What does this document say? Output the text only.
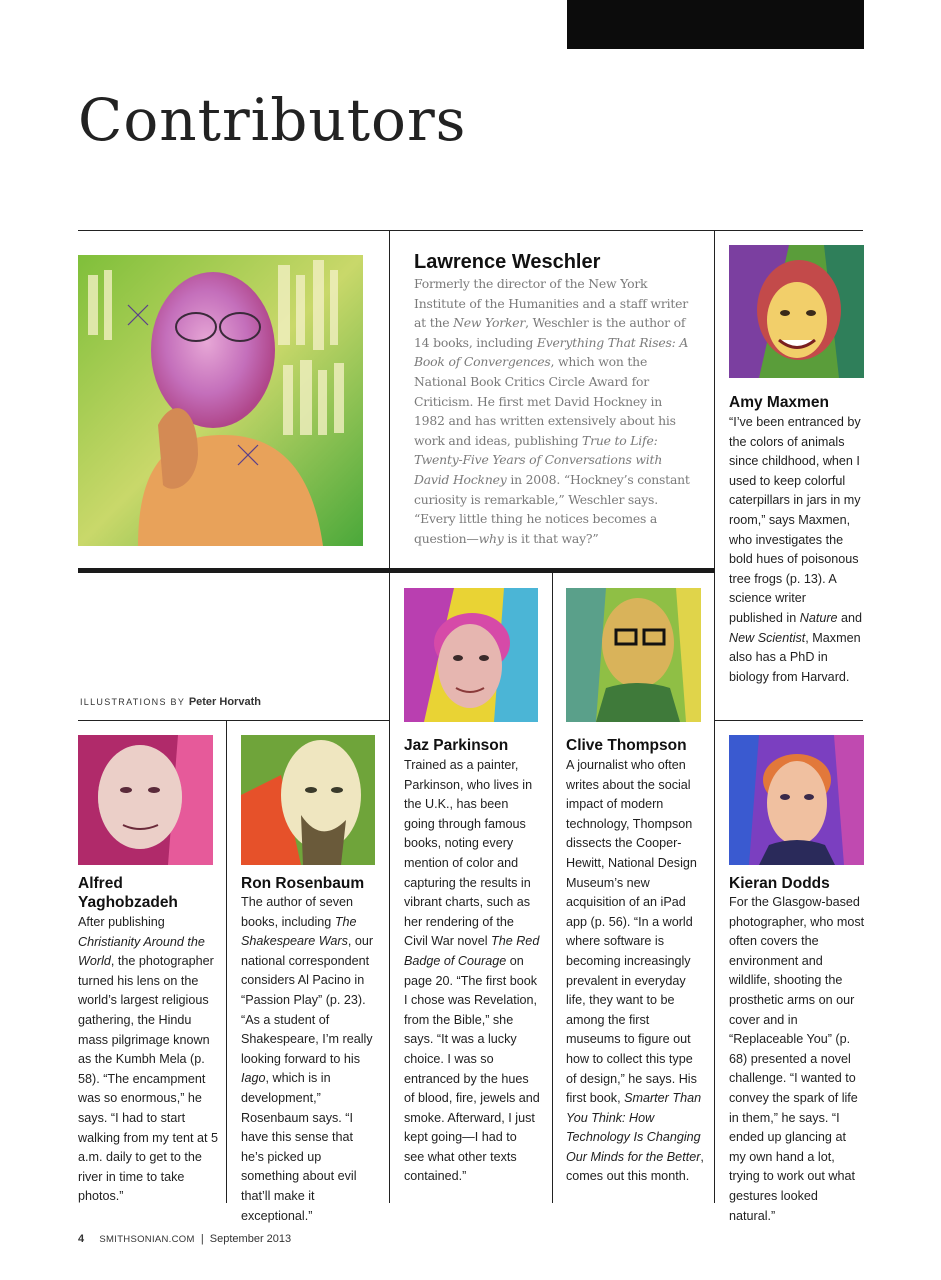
Contributors
Lawrence Weschler
Formerly the director of the New York Institute of the Humanities and a staff writer at the New Yorker, Weschler is the author of 14 books, including Everything That Rises: A Book of Convergences, which won the National Book Critics Circle Award for Criticism. He first met David Hockney in 1982 and has written extensively about his work and ideas, publishing True to Life: Twenty-Five Years of Conversations with David Hockney in 2008. “Hockney’s constant curiosity is remarkable,” Weschler says. “Every little thing he notices becomes a question—why is it that way?”
Amy Maxmen
“I’ve been entranced by the colors of animals since childhood, when I used to keep colorful caterpillars in jars in my room,” says Maxmen, who investigates the bold hues of poisonous tree frogs (p. 13). A science writer published in Nature and New Scientist, Maxmen also has a PhD in biology from Harvard.
ILLUSTRATIONS BY Peter Horvath
Jaz Parkinson
Trained as a painter, Parkinson, who lives in the U.K., has been going through famous books, noting every mention of color and capturing the results in vibrant charts, such as her rendering of the Civil War novel The Red Badge of Courage on page 20. “The first book I chose was Revelation, from the Bible,” she says. “It was a lucky choice. I was so entranced by the hues of blood, fire, jewels and smoke. Afterward, I just kept going—I had to see what other texts contained.”
Clive Thompson
A journalist who often writes about the social impact of modern technology, Thompson dissects the Cooper-Hewitt, National Design Museum’s new acquisition of an iPad app (p. 56). “In a world where software is becoming increasingly prevalent in everyday life, they want to be among the first museums to figure out how to collect this type of design,” he says. His first book, Smarter Than You Think: How Technology Is Changing Our Minds for the Better, comes out this month.
Alfred Yaghobzadeh
After publishing Christianity Around the World, the photographer turned his lens on the world’s largest religious gathering, the Hindu mass pilgrimage known as the Kumbh Mela (p. 58). “The encampment was so enormous,” he says. “I had to start walking from my tent at 5 a.m. daily to get to the river in time to take photos.”
Ron Rosenbaum
The author of seven books, including The Shakespeare Wars, our national correspondent considers Al Pacino in “Passion Play” (p. 23). “As a student of Shakespeare, I’m really looking forward to his Iago, which is in development,” Rosenbaum says. “I have this sense that he’s picked up something about evil that’ll make it exceptional.”
Kieran Dodds
For the Glasgow-based photographer, who most often covers the environment and wildlife, shooting the prosthetic arms on our cover and in “Replaceable You” (p. 68) presented a novel challenge. “I wanted to convey the spark of life in them,” he says. “I ended up glancing at my own hand a lot, trying to work out what gestures looked natural.”
4 SMITHSONIAN.COM | September 2013
